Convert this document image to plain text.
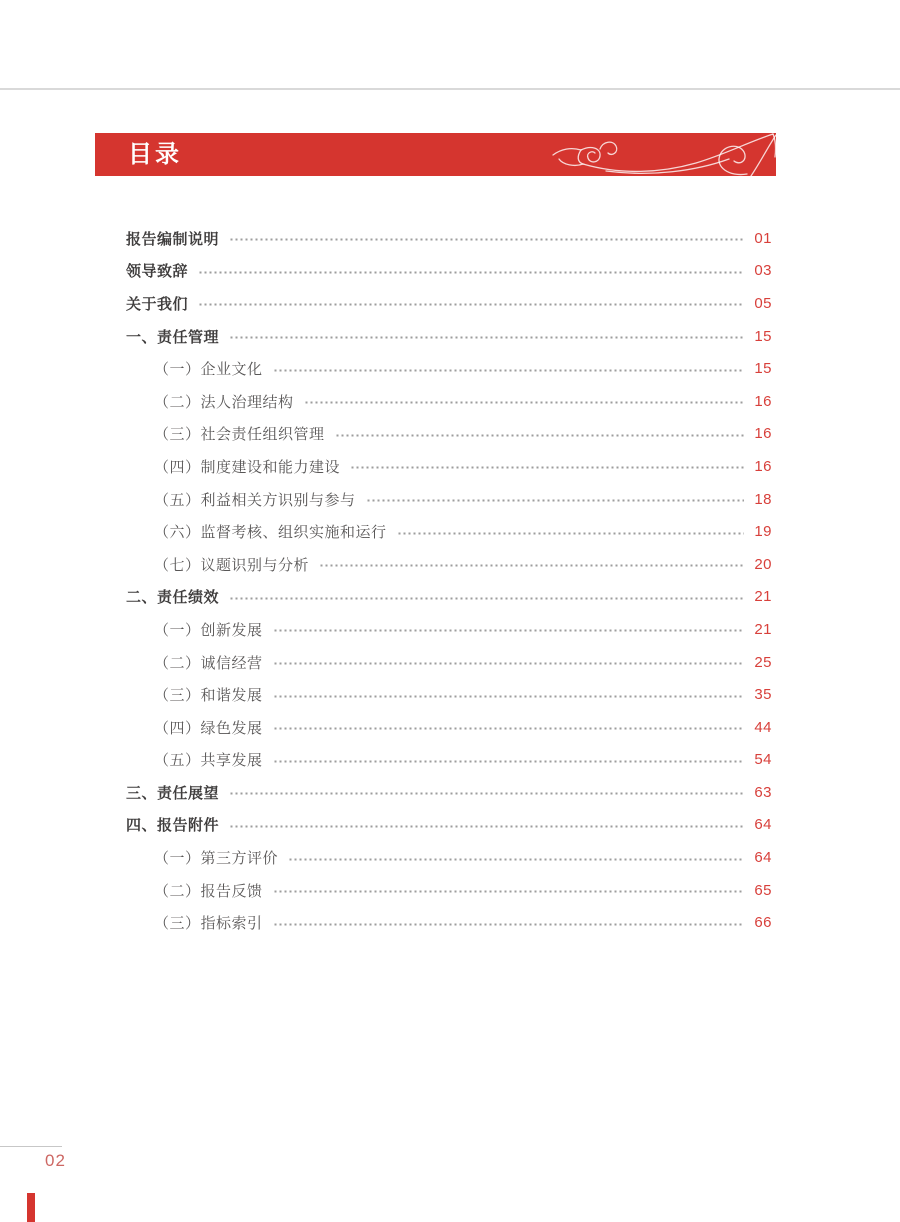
目录
报告编制说明	01
领导致辞	03
关于我们	05
一、责任管理	15
（一）企业文化	15
（二）法人治理结构	16
（三）社会责任组织管理	16
（四）制度建设和能力建设	16
（五）利益相关方识别与参与	18
（六）监督考核、组织实施和运行	19
（七）议题识别与分析	20
二、责任绩效	21
（一）创新发展	21
（二）诚信经营	25
（三）和谐发展	35
（四）绿色发展	44
（五）共享发展	54
三、责任展望	63
四、报告附件	64
（一）第三方评价	64
（二）报告反馈	65
（三）指标索引	66
02
